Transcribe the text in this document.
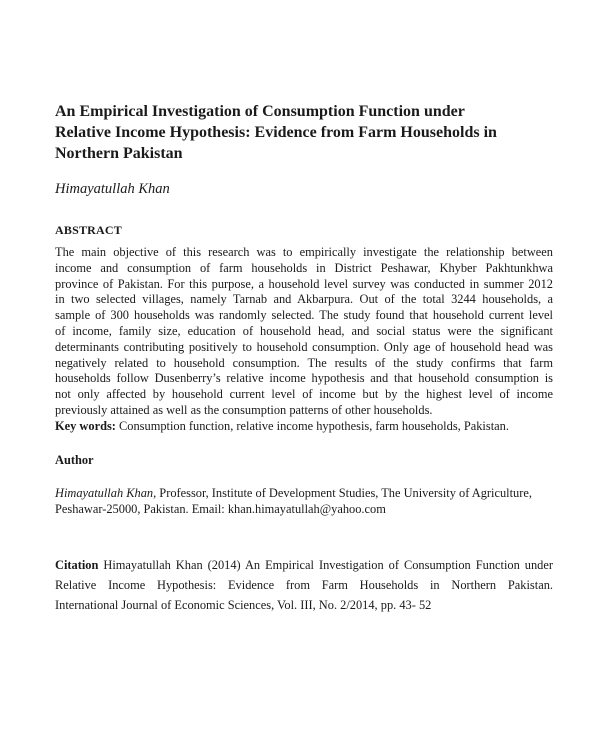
An Empirical Investigation of Consumption Function under
Relative Income Hypothesis: Evidence from Farm Households in
Northern Pakistan

Himayatullah Khan

ABSTRACT
The main objective of this research was to empirically investigate the relationship between
income and consumption of farm households in District Peshawar, Khyber Pakhtunkhwa
province of Pakistan. For this purpose, a household level survey was conducted in summer 2012
in two selected villages, namely Tarnab and Akbarpura. Out of the total 3244 households, a
sample of 300 households was randomly selected. The study found that household current level
of income, family size, education of household head, and social status were the significant
determinants contributing positively to household consumption. Only age of household head was
negatively related to household consumption. The results of the study confirms that farm
households follow Dusenberry’s relative income hypothesis and that household consumption is
not only affected by household current level of income but by the highest level of income
previously attained as well as the consumption patterns of other households.

Key words: Consumption function, relative income hypothesis, farm households, Pakistan.

Author

Himayatullah Khan, Professor, Institute of Development Studies, The University of Agriculture,
Peshawar-25000, Pakistan. Email: khan.himayatullah@yahoo.com

Citation Himayatullah Khan (2014) An Empirical Investigation of Consumption Function under
Relative Income Hypothesis: Evidence from Farm Households in Northern Pakistan.
International Journal of Economic Sciences, Vol. III, No. 2/2014, pp. 43- 52
